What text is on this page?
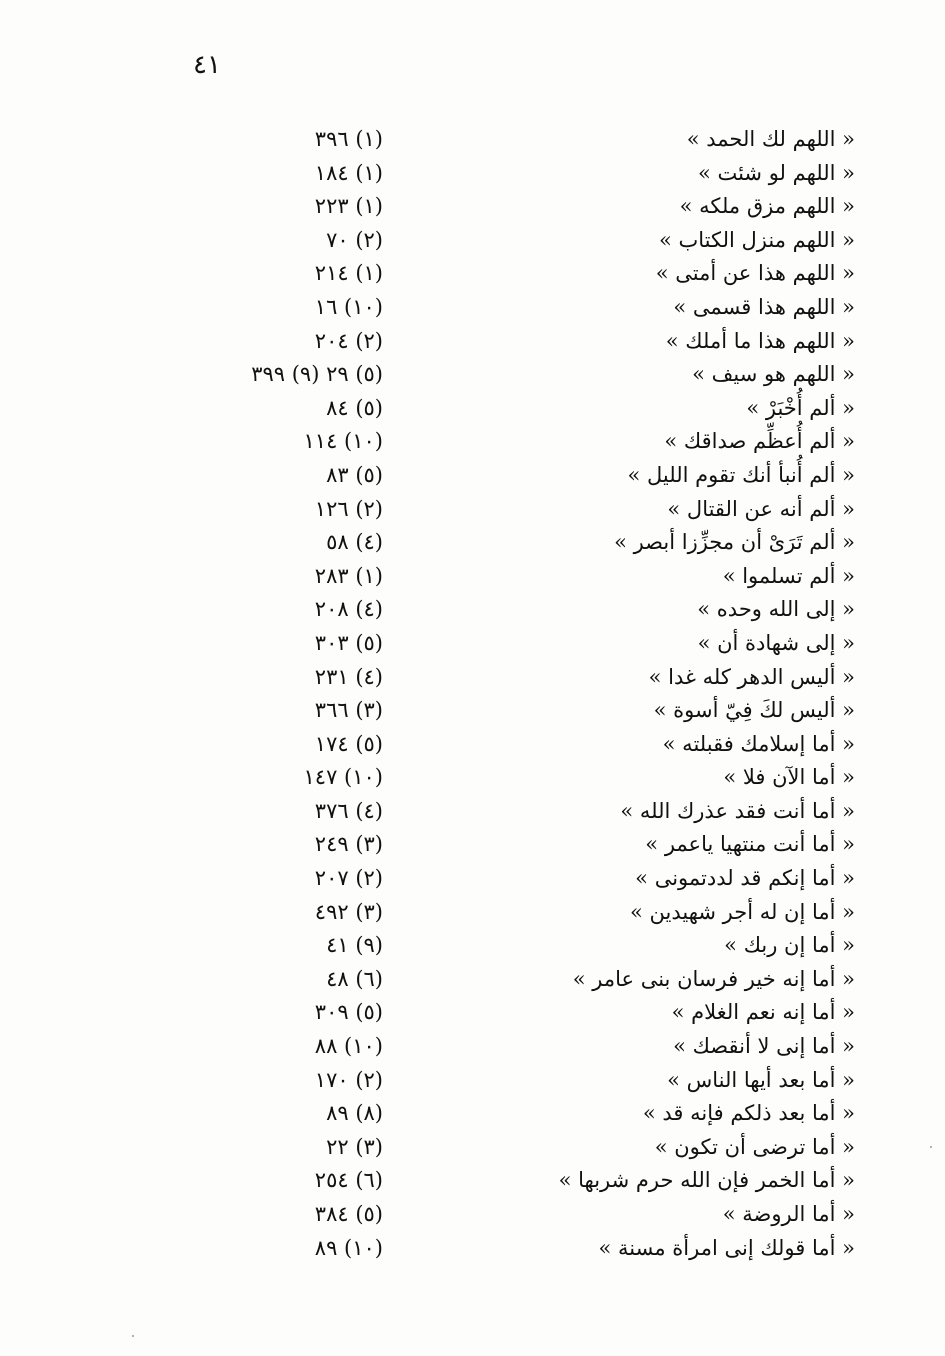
٤١
« اللهم لك الحمد »
(١) ٣٩٦
« اللهم لو شئت »
(١) ١٨٤
« اللهم مزق ملكه »
(١) ٢٢٣
« اللهم منزل الكتاب »
(٢) ٧٠
« اللهم هذا عن أمتى »
(١) ٢١٤
« اللهم هذا قسمى »
(١٠) ١٦
« اللهم هذا ما أملك »
(٢) ٢٠٤
« اللهم هو سيف »
(٥) ٢٩ (٩) ٣٩٩
« ألم أُخْبَرْ »
(٥) ٨٤
« ألم أُعظِّم صداقك »
(١٠) ١١٤
« ألم أُنبأ أنك تقوم الليل »
(٥) ٨٣
« ألم أنه عن القتال »
(٢) ١٢٦
« ألم تَرَىْ أن مجزِّزا أبصر »
(٤) ٥٨
« ألم تسلموا »
(١) ٢٨٣
« إلى الله وحده »
(٤) ٢٠٨
« إلى شهادة أن »
(٥) ٣٠٣
« أليس الدهر كله غدا »
(٤) ٢٣١
« أليس لكَ فِيّ أسوة »
(٣) ٣٦٦
« أما إسلامك فقبلته »
(٥) ١٧٤
« أما الآن فلا »
(١٠) ١٤٧
« أما أنت فقد عذرك الله »
(٤) ٣٧٦
« أما أنت منتهيا ياعمر »
(٣) ٢٤٩
« أما إنكم قد لددتمونى »
(٢) ٢٠٧
« أما إن له أجر شهيدين »
(٣) ٤٩٢
« أما إن ربك »
(٩) ٤١
« أما إنه خير فرسان بنى عامر »
(٦) ٤٨
« أما إنه نعم الغلام »
(٥) ٣٠٩
« أما إنى لا أنقصك »
(١٠) ٨٨
« أما بعد أيها الناس »
(٢) ١٧٠
« أما بعد ذلكم فإنه قد »
(٨) ٨٩
« أما ترضى أن تكون »
(٣) ٢٢
« أما الخمر فإن الله حرم شربها »
(٦) ٢٥٤
« أما الروضة »
(٥) ٣٨٤
« أما قولك إنى امرأة مسنة »
(١٠) ٨٩
